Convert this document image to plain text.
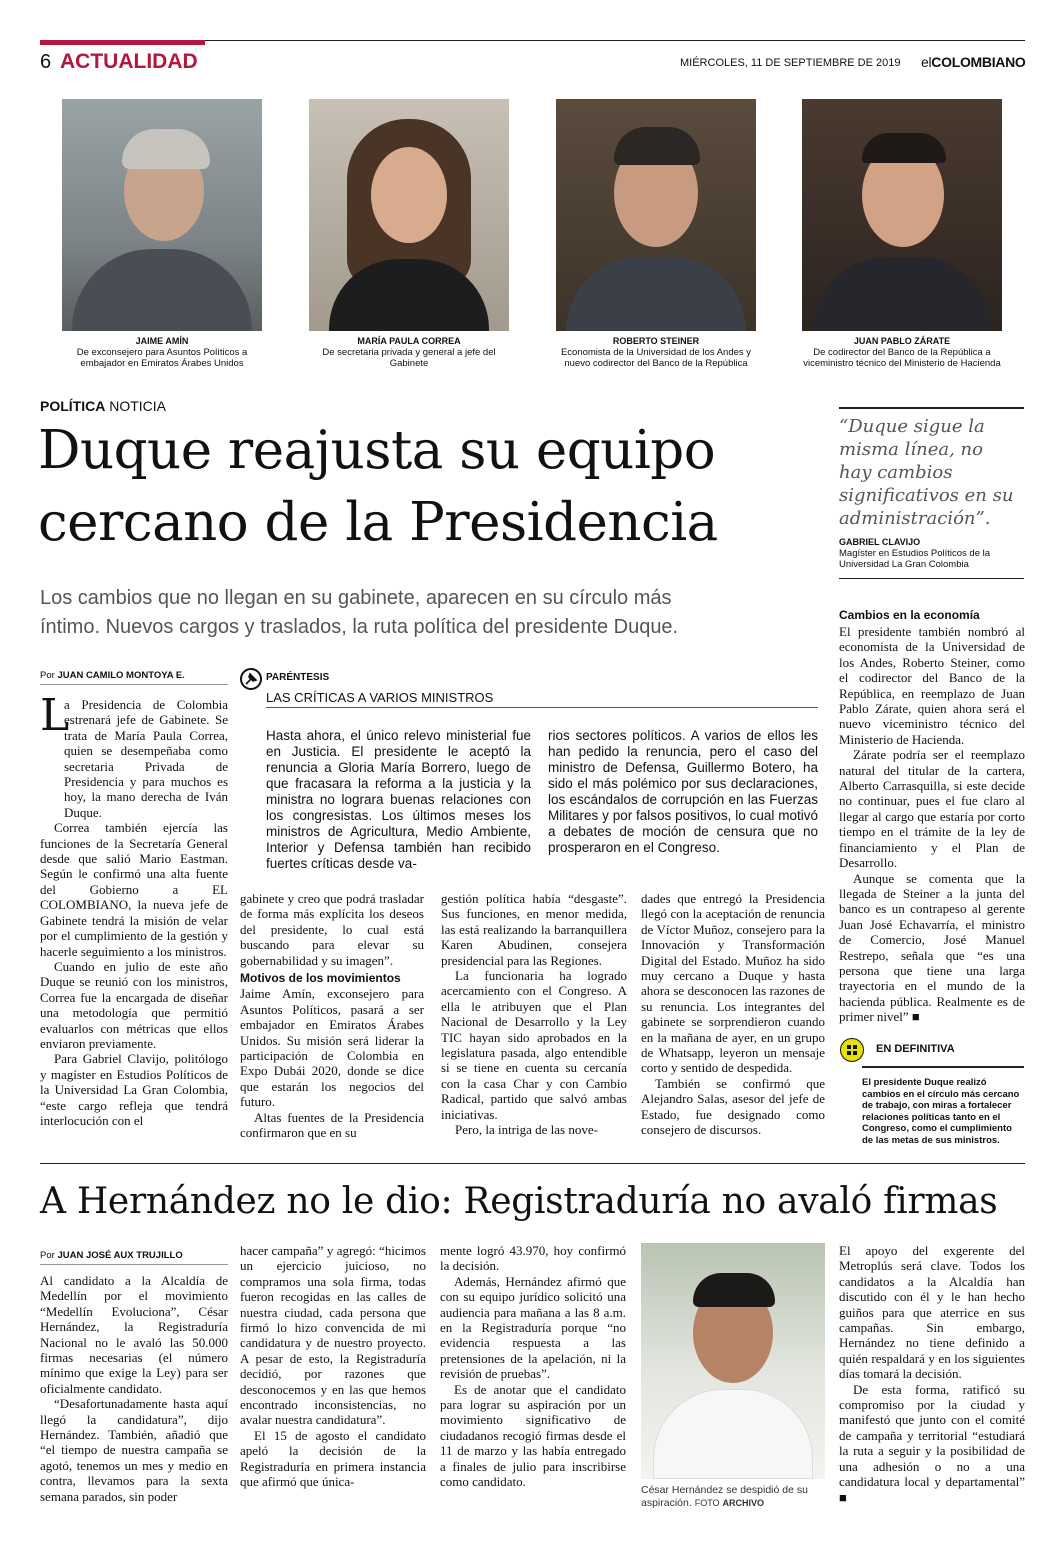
6 ACTUALIDAD	MIÉRCOLES, 11 DE SEPTIEMBRE DE 2019 elCOLOMBIANO
JAIME AMÍN
De exconsejero para Asuntos Políticos a embajador en Emiratos Árabes Unidos
MARÍA PAULA CORREA
De secretaria privada y general a jefe del Gabinete
ROBERTO STEINER
Economista de la Universidad de los Andes y nuevo codirector del Banco de la República
JUAN PABLO ZÁRATE
De codirector del Banco de la República a viceministro técnico del Ministerio de Hacienda
POLÍTICA NOTICIA
Duque reajusta su equipo
cercano de la Presidencia
Los cambios que no llegan en su gabinete, aparecen en su círculo más
íntimo. Nuevos cargos y traslados, la ruta política del presidente Duque.
“Duque sigue la misma línea, no hay cambios significativos en su administración”.
GABRIEL CLAVIJO
Magíster en Estudios Políticos de la Universidad La Gran Colombia
Por JUAN CAMILO MONTOYA E.	PARÉNTESIS
LAS CRÍTICAS A VARIOS MINISTROS

Hasta ahora, el único relevo ministerial fue en Justicia. El presidente le aceptó la renuncia a Gloria María Borrero, luego de que fracasara la reforma a la justicia y la ministra no lograra buenas relaciones con los congresistas. Los últimos meses los ministros de Agricultura, Medio Ambiente, Interior y Defensa también han recibido fuertes críticas desde va-

rios sectores políticos. A varios de ellos les han pedido la renuncia, pero el caso del ministro de Defensa, Guillermo Botero, ha sido el más polémico por sus declaraciones, los escándalos de corrupción en las Fuerzas Militares y por falsos positivos, lo cual motivó a debates de moción de censura que no prosperaron en el Congreso.

L

a Presidencia de Colombia estrenará jefe de Gabinete. Se trata de María Paula Correa, quien se desempeñaba como secretaria Privada de Presidencia y para muchos es hoy, la mano derecha de Iván Duque.

Correa también ejercía las funciones de la Secretaría General desde que salió Mario Eastman. Según le confirmó una alta fuente del Gobierno a EL COLOMBIANO, la nueva jefe de Gabinete tendrá la misión de velar por el cumplimiento de la gestión y hacerle seguimiento a los ministros.

Cuando en julio de este año Duque se reunió con los ministros, Correa fue la encargada de diseñar una metodología que permitió evaluarlos con métricas que ellos enviaron previamente.

Para Gabriel Clavijo, politólogo y magíster en Estudios Políticos de la Universidad La Gran Colombia, “este cargo refleja que tendrá interlocución con el

gabinete y creo que podrá trasladar de forma más explícita los deseos del presidente, lo cual está buscando para elevar su gobernabilidad y su imagen”.

Motivos de los movimientos

Jaime Amín, exconsejero para Asuntos Políticos, pasará a ser embajador en Emiratos Árabes Unidos. Su misión será liderar la participación de Colombia en Expo Dubái 2020, donde se dice que estarán los negocios del futuro.

Altas fuentes de la Presidencia confirmaron que en su

gestión política había “desgaste”. Sus funciones, en menor medida, las está realizando la barranquillera Karen Abudinen, consejera presidencial para las Regiones.

La funcionaria ha logrado acercamiento con el Congreso. A ella le atribuyen que el Plan Nacional de Desarrollo y la Ley TIC hayan sido aprobados en la legislatura pasada, algo entendible si se tiene en cuenta su cercanía con la casa Char y con Cambio Radical, partido que salvó ambas iniciativas.

Pero, la intriga de las nove-

dades que entregó la Presidencia llegó con la aceptación de renuncia de Víctor Muñoz, consejero para la Innovación y Transformación Digital del Estado. Muñoz ha sido muy cercano a Duque y hasta ahora se desconocen las razones de su renuncia. Los integrantes del gabinete se sorprendieron cuando en la mañana de ayer, en un grupo de Whatsapp, leyeron un mensaje corto y sentido de despedida.

También se confirmó que Alejandro Salas, asesor del jefe de Estado, fue designado como consejero de discursos.

Cambios en la economía

El presidente también nombró al economista de la Universidad de los Andes, Roberto Steiner, como el codirector del Banco de la República, en reemplazo de Juan Pablo Zárate, quien ahora será el nuevo viceministro técnico del Ministerio de Hacienda.

Zárate podría ser el reemplazo natural del titular de la cartera, Alberto Carrasquilla, si este decide no continuar, pues el fue claro al llegar al cargo que estaría por corto tiempo en el trámite de la ley de financiamiento y el Plan de Desarrollo.

Aunque se comenta que la llegada de Steiner a la junta del banco es un contrapeso al gerente Juan José Echavarría, el ministro de Comercio, José Manuel Restrepo, señala que “es una persona que tiene una larga trayectoria en el mundo de la hacienda pública. Realmente es de primer nivel” ■

EN DEFINITIVA
El presidente Duque realizó cambios en el círculo más cercano de trabajo, con miras a fortalecer relaciones políticas tanto en el Congreso, como el cumplimiento de las metas de sus ministros.
A Hernández no le dio: Registraduría no avaló firmas
Por JUAN JOSÉ AUX TRUJILLO

Al candidato a la Alcaldía de Medellín por el movimiento “Medellín Evoluciona”, César Hernández, la Registraduría Nacional no le avaló las 50.000 firmas necesarias (el número mínimo que exige la Ley) para ser oficialmente candidato.

“Desafortunadamente hasta aquí llegó la candidatura”, dijo Hernández. También, añadió que “el tiempo de nuestra campaña se agotó, tenemos un mes y medio en contra, llevamos para la sexta semana parados, sin poder

hacer campaña” y agregó: “hicimos un ejercicio juicioso, no compramos una sola firma, todas fueron recogidas en las calles de nuestra ciudad, cada persona que firmó lo hizo convencida de mi candidatura y de nuestro proyecto. A pesar de esto, la Registraduría decidió, por razones que desconocemos y en las que hemos encontrado inconsistencias, no avalar nuestra candidatura”.

El 15 de agosto el candidato apeló la decisión de la Registraduría en primera instancia que afirmó que única-

mente logró 43.970, hoy confirmó la decisión.

Además, Hernández afirmó que con su equipo jurídico solicitó una audiencia para mañana a las 8 a.m. en la Registraduría porque “no evidencia respuesta a las pretensiones de la apelación, ni la revisión de pruebas”.

Es de anotar que el candidato para lograr su aspiración por un movimiento significativo de ciudadanos recogió firmas desde el 11 de marzo y las había entregado a finales de julio para inscribirse como candidato.

César Hernández se despidió de su aspiración. FOTO ARCHIVO

El apoyo del exgerente del Metroplús será clave. Todos los candidatos a la Alcaldía han discutido con él y le han hecho guiños para que aterrice en sus campañas. Sin embargo, Hernández no tiene definido a quién respaldará y en los siguientes días tomará la decisión.

De esta forma, ratificó su compromiso por la ciudad y manifestó que junto con el comité de campaña y territorial “estudiará la ruta a seguir y la posibilidad de una adhesión o no a una candidatura local y departamental” ■
